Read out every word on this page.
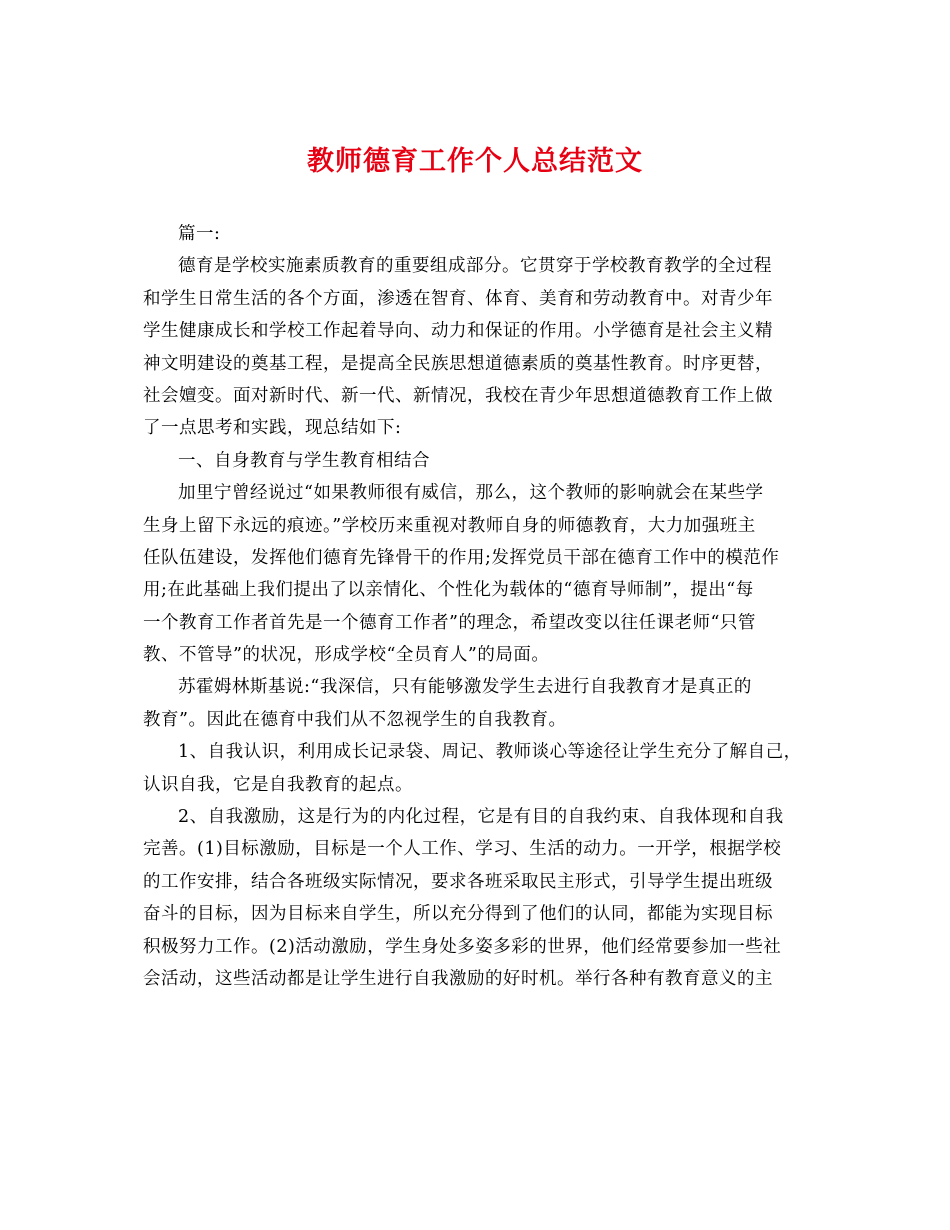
教师德育工作个人总结范文
篇一:
德育是学校实施素质教育的重要组成部分。它贯穿于学校教育教学的全过程
和学生日常生活的各个方面，渗透在智育、体育、美育和劳动教育中。对青少年
学生健康成长和学校工作起着导向、动力和保证的作用。小学德育是社会主义精
神文明建设的奠基工程，是提高全民族思想道德素质的奠基性教育。时序更替，
社会嬗变。面对新时代、新一代、新情况，我校在青少年思想道德教育工作上做
了一点思考和实践，现总结如下:
一、自身教育与学生教育相结合
加里宁曾经说过“如果教师很有威信，那么，这个教师的影响就会在某些学
生身上留下永远的痕迹。”学校历来重视对教师自身的师德教育，大力加强班主
任队伍建设，发挥他们德育先锋骨干的作用;发挥党员干部在德育工作中的模范作
用;在此基础上我们提出了以亲情化、个性化为载体的“德育导师制”，提出“每
一个教育工作者首先是一个德育工作者”的理念，希望改变以往任课老师“只管
教、不管导”的状况，形成学校“全员育人”的局面。
苏霍姆林斯基说:“我深信，只有能够激发学生去进行自我教育才是真正的
教育”。因此在德育中我们从不忽视学生的自我教育。
1、自我认识，利用成长记录袋、周记、教师谈心等途径让学生充分了解自己，
认识自我，它是自我教育的起点。
2、自我激励，这是行为的内化过程，它是有目的自我约束、自我体现和自我
完善。(1)目标激励，目标是一个人工作、学习、生活的动力。一开学，根据学校
的工作安排，结合各班级实际情况，要求各班采取民主形式，引导学生提出班级
奋斗的目标，因为目标来自学生，所以充分得到了他们的认同，都能为实现目标
积极努力工作。(2)活动激励，学生身处多姿多彩的世界，他们经常要参加一些社
会活动，这些活动都是让学生进行自我激励的好时机。举行各种有教育意义的主
